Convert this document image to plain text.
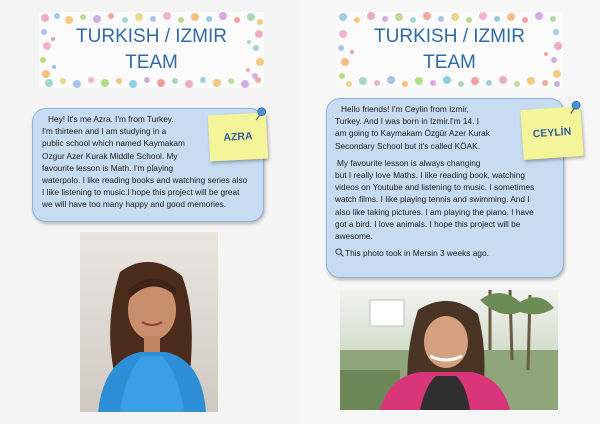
TURKISH / IZMIR
TEAM

Hey! It's me Azra. I'm from Turkey.
I'm thirteen and I am studying in a
public school which named Kaymakam
Ozgur Azer Kurak Middle School. My
favourite lesson is Math. I'm playing
waterpolo. I like reading books and watching series also
I like listening to music.I hope this project will be great
we will have too many happy and good memories.

AZRA
TURKISH / IZMIR
TEAM

Hello friends! I'm Ceylin from Izmir,
Turkey. And I was born in Izmir.I'm 14. I
am going to Kaymakam Özgür Azer Kurak
Secondary School but it's called KÖAK.

My favourite lesson is always changing
but I really love Maths. I like reading book, watching
videos on Youtube and listening to music. I sometimes
watch films. I like playing tennis and swimming. And I
also like taking pictures. I am playing the piano. I have
got a bird. I love animals. I hope this project will be
awesome.

This photo took in Mersin 3 weeks ago.

CEYLİN
